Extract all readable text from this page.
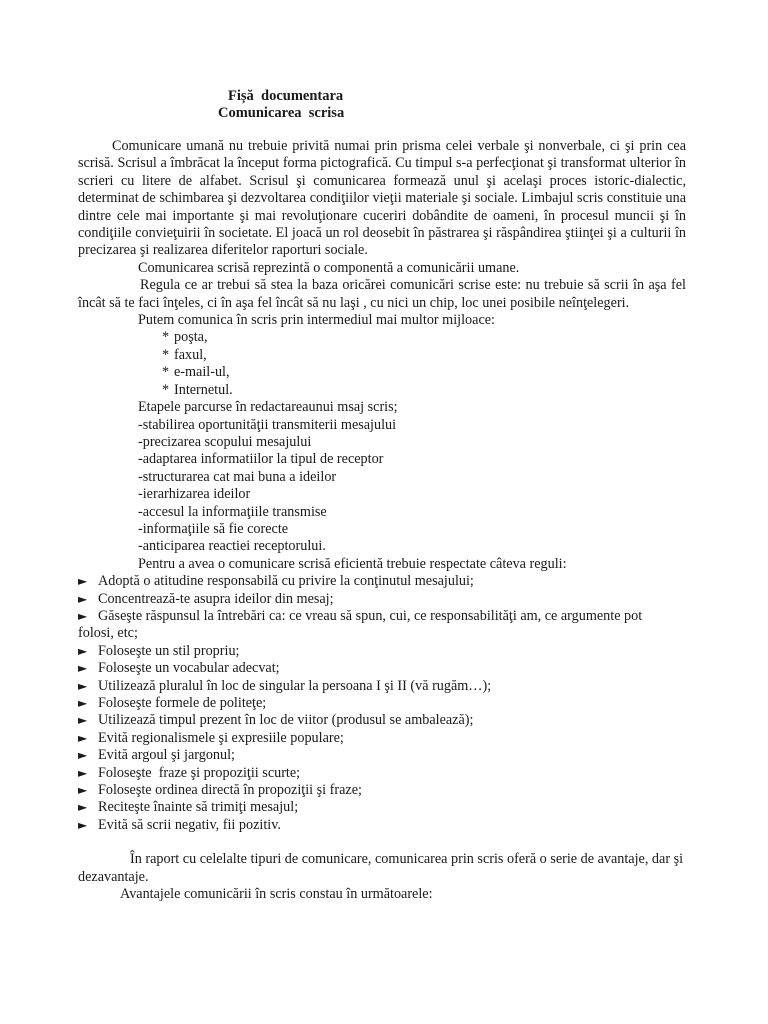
Fișă  documentara
Comunicarea  scrisa

Comunicare umană nu trebuie privită numai prin prisma celei verbale şi nonverbale, ci şi prin cea scrisă. Scrisul a îmbrăcat la început forma pictografică. Cu timpul s-a perfecţionat şi transformat ulterior în scrieri cu litere de alfabet. Scrisul şi comunicarea formează unul şi acelaşi proces istoric-dialectic, determinat de schimbarea şi dezvoltarea condiţiilor vieţii materiale şi sociale. Limbajul scris constituie una dintre cele mai importante şi mai revoluţionare cuceriri dobândite de oameni, în procesul muncii şi în condiţiile convieţuirii în societate. El joacă un rol deosebit în păstrarea şi răspândirea ştiinţei şi a culturii în precizarea şi realizarea diferitelor raporturi sociale.

Comunicarea scrisă reprezintă o componentă a comunicării umane.

Regula ce ar trebui să stea la baza oricărei comunicări scrise este: nu trebuie să scrii în aşa fel încât să te faci înţeles, ci în aşa fel încât să nu laşi , cu nici un chip, loc unei posibile neînţelegeri.

Putem comunica în scris prin intermediul mai multor mijloace:

* poşta,
* faxul,
* e-mail-ul,
* Internetul.

Etapele parcurse în redactareaunui msaj scris;

-stabilirea oportunităţii transmiterii mesajului
-precizarea scopului mesajului
-adaptarea informatiilor la tipul de receptor
-structurarea cat mai buna a ideilor
-ierarhizarea ideilor
-accesul la informaţiile transmise
-informaţiile să fie corecte
-anticiparea reactiei receptorului.

Pentru a avea o comunicare scrisă eficientă trebuie respectate câteva reguli:

► Adoptă o atitudine responsabilă cu privire la conţinutul mesajului;
► Concentrează-te asupra ideilor din mesaj;
► Găseşte răspunsul la întrebări ca: ce vreau să spun, cui, ce responsabilităţi am, ce argumente pot folosi, etc;
► Foloseşte un stil propriu;
► Foloseşte un vocabular adecvat;
► Utilizează pluralul în loc de singular la persoana I şi II (vă rugăm…);
► Foloseşte formele de politeţe;
► Utilizează timpul prezent în loc de viitor (produsul se ambalează);
► Evită regionalismele şi expresiile populare;
► Evită argoul şi jargonul;
► Foloseşte  fraze şi propoziţii scurte;
► Foloseşte ordinea directă în propoziţii şi fraze;
► Reciteşte înainte să trimiţi mesajul;
► Evită să scrii negativ, fii pozitiv.

În raport cu celelalte tipuri de comunicare, comunicarea prin scris oferă o serie de avantaje, dar şi dezavantaje.

Avantajele comunicării în scris constau în următoarele:
